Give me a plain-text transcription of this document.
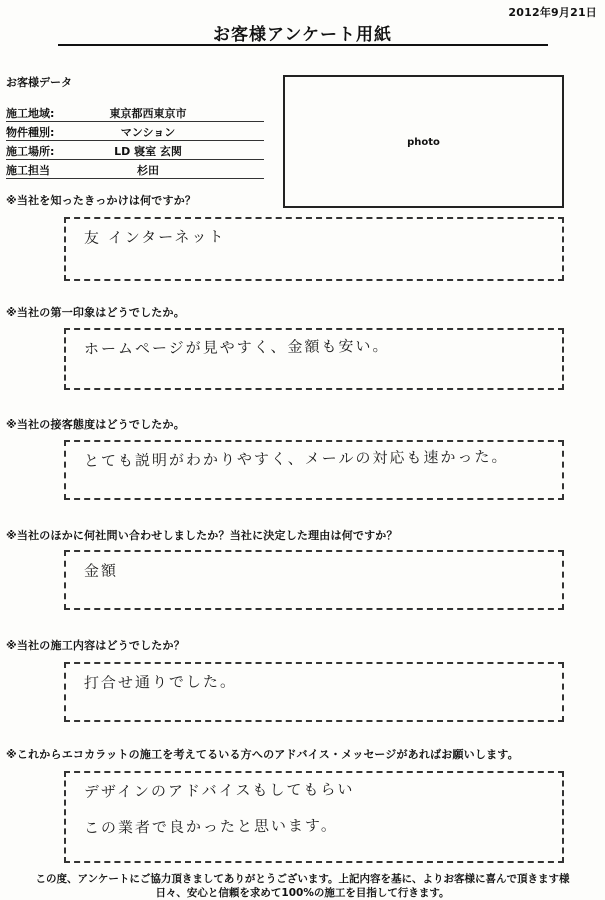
2012年9月21日
お客様アンケート用紙
お客様データ
施工地域:	東京都西東京市
物件種別:	マンション
施工場所:	LD 寝室 玄関
施工担当	杉田
photo
※当社を知ったきっかけは何ですか？
友 インターネット
※当社の第一印象はどうでしたか。
ホームページが見やすく、金額も安い。
※当社の接客態度はどうでしたか。
とても説明がわかりやすく、メールの対応も速かった。
※当社のほかに何社問い合わせしましたか？当社に決定した理由は何ですか？
金額
※当社の施工内容はどうでしたか？
打合せ通りでした。
※これからエコカラットの施工を考えてるいる方へのアドバイス・メッセージがあればお願いします。
デザインのアドバイスもしてもらい
この業者で良かったと思います。
この度、アンケートにご協力頂きましてありがとうございます。上記内容を基に、よりお客様に喜んで頂きます様
日々、安心と信頼を求めて100%の施工を目指して行きます。
